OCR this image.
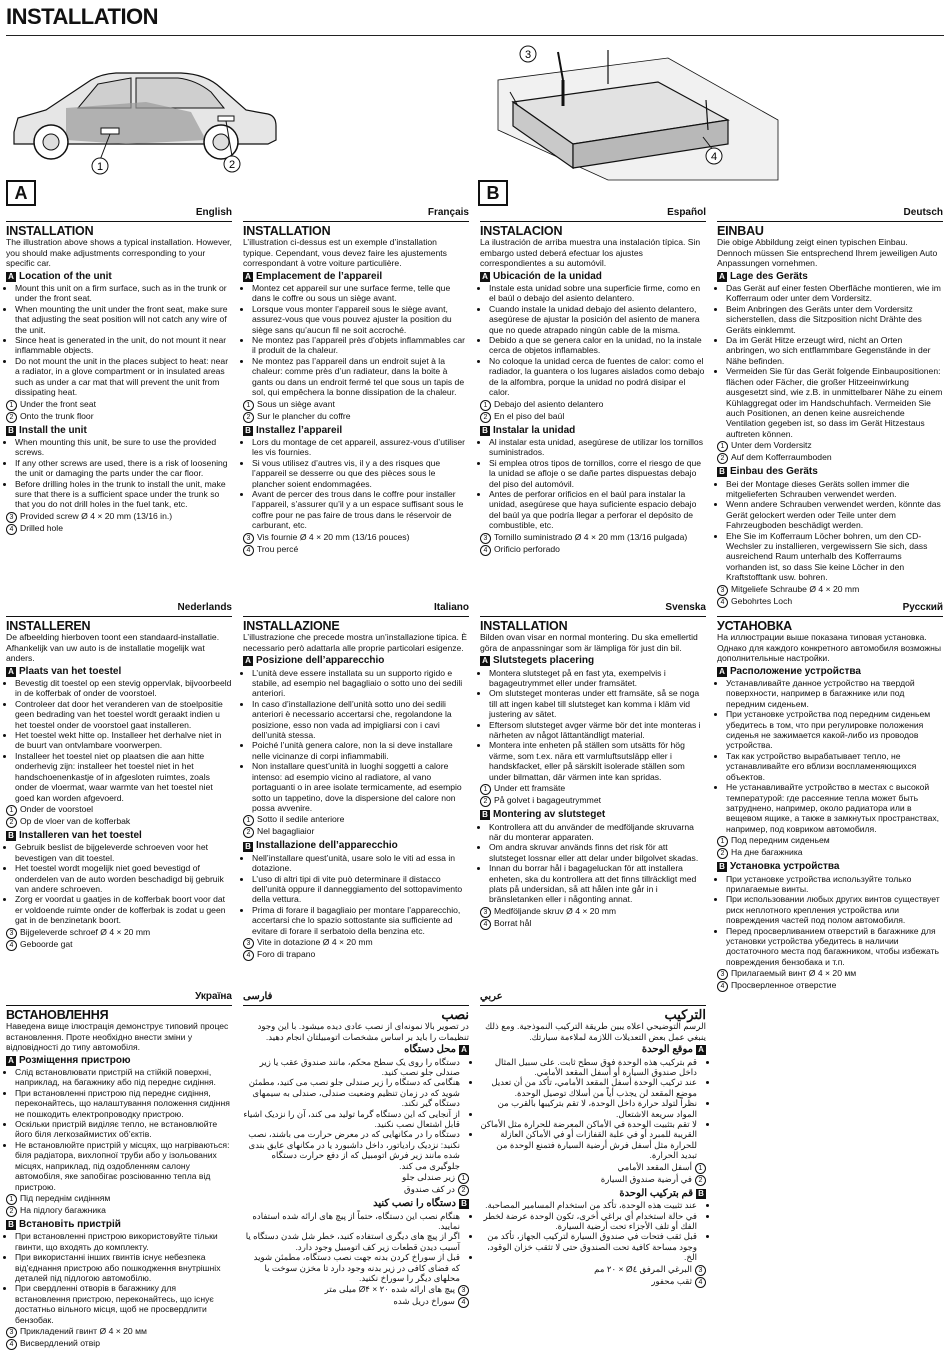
INSTALLATION
1	2
A
3
4
B
English
INSTALLATION

The illustration above shows a typical installation. However, you should make adjustments corresponding to your specific car.

A Location of the unit
• Mount this unit on a firm surface, such as in the trunk or under the front seat.
• When mounting the unit under the front seat, make sure that adjusting the seat position will not catch any wire of the unit.
• Since heat is generated in the unit, do not mount it near inflammable objects.
• Do not mount the unit in the places subject to heat: near a radiator, in a glove compartment or in insulated areas such as under a car mat that will prevent the unit from dissipating heat.
1 Under the front seat
2 Onto the trunk floor
B Install the unit
• When mounting this unit, be sure to use the provided screws.
• If any other screws are used, there is a risk of loosening the unit or damaging the parts under the car floor.
• Before drilling holes in the trunk to install the unit, make sure that there is a sufficient space under the trunk so that you do not drill holes in the fuel tank, etc.
3 Provided screw Ø 4 × 20 mm (13/16 in.)
4 Drilled hole
Français
INSTALLATION

L’illustration ci-dessus est un exemple d’installation typique. Cependant, vous devez faire les ajustements correspondant à votre voiture particulière.

A Emplacement de l’appareil
• Montez cet appareil sur une surface ferme, telle que dans le coffre ou sous un siège avant.
• Lorsque vous monter l’appareil sous le siège avant, assurez-vous que vous pouvez ajuster la position du siège sans qu’aucun fil ne soit accroché.
• Ne montez pas l’appareil près d’objets inflammables car il produit de la chaleur.
• Ne montez pas l’appareil dans un endroit sujet à la chaleur: comme près d’un radiateur, dans la boite à gants ou dans un endroit fermé tel que sous un tapis de sol, qui empêchera la bonne dissipation de la chaleur.
1 Sous un siège avant
2 Sur le plancher du coffre
B Installez l’appareil
• Lors du montage de cet appareil, assurez-vous d’utiliser les vis fournies.
• Si vous utilisez d’autres vis, il y a des risques que l’appareil se desserre ou que des pièces sous le plancher soient endommagées.
• Avant de percer des trous dans le coffre pour installer l’appareil, s’assurer qu’il y a un espace suffisant sous le coffre pour ne pas faire de trous dans le réservoir de carburant, etc.
3 Vis fournie Ø 4 × 20 mm (13/16 pouces)
4 Trou percé
Español
INSTALACION

La ilustración de arriba muestra una instalación típica. Sin embargo usted deberá efectuar los ajustes correspondientes a su automóvil.

A Ubicación de la unidad
• Instale esta unidad sobre una superficie firme, como en el baúl o debajo del asiento delantero.
• Cuando instale la unidad debajo del asiento delantero, asegúrese de ajustar la posición del asiento de manera que no quede atrapado ningún cable de la misma.
• Debido a que se genera calor en la unidad, no la instale cerca de objetos inflamables.
• No coloque la unidad cerca de fuentes de calor: como el radiador, la guantera o los lugares aislados como debajo de la alfombra, porque la unidad no podrá disipar el calor.
1 Debajo del asiento delantero
2 En el piso del baúl
B Instalar la unidad
• Al instalar esta unidad, asegúrese de utilizar los tornillos suministrados.
• Si emplea otros tipos de tornillos, corre el riesgo de que la unidad se afloje o se dañe partes dispuestas debajo del piso del automóvil.
• Antes de perforar orificios en el baúl para instalar la unidad, asegúrese que haya suficiente espacio debajo del baúl ya que podría llegar a perforar el depósito de combustible, etc.
3 Tornillo suministrado Ø 4 × 20 mm (13/16 pulgada)
4 Orificio perforado
Deutsch
EINBAU

Die obige Abbildung zeigt einen typischen Einbau. Dennoch müssen Sie entsprechend Ihrem jeweiligen Auto Anpassungen vornehmen.

A Lage des Geräts
• Das Gerät auf einer festen Oberfläche montieren, wie im Kofferraum oder unter dem Vordersitz.
• Beim Anbringen des Geräts unter dem Vordersitz sicherstellen, dass die Sitzposition nicht Drähte des Geräts einklemmt.
• Da im Gerät Hitze erzeugt wird, nicht an Orten anbringen, wo sich entflammbare Gegenstände in der Nähe befinden.
• Vermeiden Sie für das Gerät folgende Einbaupositionen: flächen oder Fächer, die großer Hitzeeinwirkung ausgesetzt sind, wie z.B. in unmittelbarer Nähe zu einem Kühlaggregat oder im Handschuhfach. Vermeiden Sie auch Positionen, an denen keine ausreichende Ventilation gegeben ist, so dass im Gerät Hitzestaus auftreten können.
1 Unter dem Vordersitz
2 Auf dem Kofferraumboden
B Einbau des Geräts
• Bei der Montage dieses Geräts sollen immer die mitgelieferten Schrauben verwendet werden.
• Wenn andere Schrauben verwendet werden, könnte das Gerät gelockert werden oder Teile unter dem Fahrzeugboden beschädigt werden.
• Ehe Sie im Kofferraum Löcher bohren, um den CD-Wechsler zu installieren, vergewissern Sie sich, dass ausreichend Raum unterhalb des Kofferraums vorhanden ist, so dass Sie keine Löcher in den Kraftstofftank usw. bohren.
3 Mitgeliefe Schraube Ø 4 × 20 mm
4 Gebohrtes Loch
Nederlands
INSTALLEREN

De afbeelding hierboven toont een standaard-installatie. Afhankelijk van uw auto is de installatie mogelijk wat anders.

A Plaats van het toestel
• Bevestig dit toestel op een stevig oppervlak, bijvoorbeeld in de kofferbak of onder de voorstoel.
• Controleer dat door het veranderen van de stoelpositie geen bedrading van het toestel wordt geraakt indien u het toestel onder de voorstoel gaat installeren.
• Het toestel wekt hitte op. Installeer het derhalve niet in de buurt van ontvlambare voorwerpen.
• Installeer het toestel niet op plaatsen die aan hitte onderhevig zijn: installeer het toestel niet in het handschoenenkastje of in afgesloten ruimtes, zoals onder de vloermat, waar warmte van het toestel niet goed kan worden afgevoerd.
1 Onder de voorstoel
2 Op de vloer van de kofferbak
B Installeren van het toestel
• Gebruik beslist de bijgeleverde schroeven voor het bevestigen van dit toestel.
• Het toestel wordt mogelijk niet goed bevestigd of onderdelen van de auto worden beschadigd bij gebruik van andere schroeven.
• Zorg er voordat u gaatjes in de kofferbak boort voor dat er voldoende ruimte onder de kofferbak is zodat u geen gat in de benzinetank boort.
3 Bijgeleverde schroef Ø 4 × 20 mm
4 Geboorde gat
Italiano
INSTALLAZIONE

L’illustrazione che precede mostra un’installazione tipica. È necessario però adattarla alle proprie particolari esigenze.

A Posizione dell’apparecchio
• L’unità deve essere installata su un supporto rigido e stabile, ad esempio nel bagagliaio o sotto uno dei sedili anteriori.
• In caso d’installazione dell’unità sotto uno dei sedili anteriori è necessario accertarsi che, regolandone la posizione, esso non vada ad impigliarsi con i cavi dell’unità stessa.
• Poiché l’unità genera calore, non la si deve installare nelle vicinanze di corpi infiammabili.
• Non installare quest’unità in luoghi soggetti a calore intenso: ad esempio vicino al radiatore, al vano portaguanti o in aree isolate termicamente, ad esempio sotto un tappetino, dove la dispersione del calore non possa avvenire.
1 Sotto il sedile anteriore
2 Nel bagagliaior
B Installazione dell’apparecchio
• Nell’installare quest’unità, usare solo le viti ad essa in dotazione.
• L’uso di altri tipi di vite può determinare il distacco dell’unità oppure il danneggiamento del sottopavimento della vettura.
• Prima di forare il bagagliaio per montare l’apparecchio, accertarsi che lo spazio sottostante sia sufficiente ad evitare di forare il serbatoio della benzina etc.
3 Vite in dotazione Ø 4 × 20 mm
4 Foro di trapano
Svenska
INSTALLATION

Bilden ovan visar en normal montering. Du ska emellertid göra de anpassningar som är lämpliga för just din bil.

A Slutstegets placering
• Montera slutsteget på en fast yta, exempelvis i bagageutrymmet eller under framsätet.
• Om slutsteget monteras under ett framsäte, så se noga till att ingen kabel till slutsteget kan komma i kläm vid justering av sätet.
• Eftersom slutsteget avger värme bör det inte monteras i närheten av något lättantändligt material.
• Montera inte enheten på ställen som utsätts för hög värme, som t.ex. nära ett varmluftsutsläpp eller i handskfacket, eller på särskilt isolerade ställen som under bilmattan, där värmen inte kan spridas.
1 Under ett framsäte
2 På golvet i bagageutrymmet
B Montering av slutsteget
• Kontrollera att du använder de medföljande skruvarna när du monterar apparaten.
• Om andra skruvar används finns det risk för att slutsteget lossnar eller att delar under bilgolvet skadas.
• Innan du borrar hål i bagageluckan för att installera enheten, ska du kontrollera att det finns tillräckligt med plats på undersidan, så att hålen inte går in i bränsletanken eller i någonting annat.
3 Medföljande skruv Ø 4 × 20 mm
4 Borrat hål
Русский
УСТАНОВКА

На иллюстрации выше показана типовая установка. Однако для каждого конкретного автомобиля возможны дополнительные настройки.

A Расположение устройства
• Устанавливайте данное устройство на твердой поверхности, например в багажнике или под передним сиденьем.
• При установке устройства под передним сиденьем убедитесь в том, что при регулировке положения сиденья не зажимается какой-либо из проводов устройства.
• Так как устройство вырабатывает тепло, не устанавливайте его вблизи воспламеняющихся объектов.
• Не устанавливайте устройство в местах с высокой температурой: где рассеяние тепла может быть затруднено, например, около радиатора или в вещевом ящике, а также в замкнутых пространствах, например, под ковриком автомобиля.
1 Под передним сиденьем
2 На дне багажника
B Установка устройства
• При установке устройства используйте только прилагаемые винты.
• При использовании любых других винтов существует риск неплотного крепления устройства или повреждения частей под полом автомобиля.
• Перед просверливанием отверстий в багажнике для установки устройства убедитесь в наличии достаточного места под багажником, чтобы избежать повреждения бензобака и т.п.
3 Прилагаемый винт Ø 4 × 20 мм
4 Просверленное отверстие
Україна
ВСТАНОВЛЕННЯ

Наведена вище ілюстрація демонструє типовий процес встановлення. Проте необхідно внести зміни у відповідності до типу автомобіля.

A Розміщення пристрою
• Слід встановлювати пристрій на стійкій поверхні, наприклад, на багажнику або під переднє сидіння.
• При встановленні пристрою під переднє сидіння, переконайтесь, що налаштування положення сидіння не пошкодить електропроводку пристрою.
• Оскільки пристрій виділяє тепло, не встановлюйте його біля легкозаймистих об’єктів.
• Не встановлюйте пристрій у місцях, що нагріваються: біля радіатора, вихлопної труби або у ізольованих місцях, наприклад, під оздобленням салону автомобіля, яке запобігає розсіюванню тепла від пристрою.
1 Під переднім сидінням
2 На підлогу багажника
B Встановіть пристрій
• При встановленні пристрою використовуйте тільки гвинти, що входять до комплекту.
• При використанні інших гвинтів існує небезпека від’єднання пристрою або пошкодження внутрішніх деталей під підлогою автомобілю.
• При свердленні отворів в багажнику для встановлення пристрою, переконайтесь, що існує достатньо вільного місця, щоб не просвердлити бензобак.
3 Прикладений гвинт Ø 4 × 20 мм
4 Висвердлений отвір
فارسی
نصب

در تصویر بالا نمونه‌ای از نصب عادی دیده میشود. با این وجود تنظیمات را باید بر اساس مشخصات اتومبیلتان انجام دهید.

A
محل دستگاه
• دستگاه را روی یک سطح محکم، مانند صندوق عقب یا زیر صندلی جلو نصب کنید.
• هنگامی که دستگاه را زیر صندلی جلو نصب می کنید، مطمئن شوید که در زمان تنظیم وضعیت صندلی، صندلی به سیمهای دستگاه گیر نکند.
• از آنجایی که این دستگاه گرما تولید می کند، آن را نزدیک اشیاء قابل اشتعال نصب نکنید.
• دستگاه را در مکانهایی که در معرض حرارت می باشند، نصب نکنید: نزدیک رادیاتور، داخل داشبورد یا در مکانهای عایق بندی شده مانند زیر فرش اتومبیل که از دفع حرارت دستگاه جلوگیری می کند.
1
زیر صندلی جلو
2
در کف صندوق
B
دستگاه را نصب کنید
• هنگام نصب این دستگاه، حتماً از پیچ های ارائه شده استفاده نمایید.
• اگر از پیچ های دیگری استفاده کنید، خطر شل شدن دستگاه یا آسیب دیدن قطعات زیر کف اتومبیل وجود دارد.
• قبل از سوراخ کردن بدنه جهت نصب دستگاه، مطمئن شوید که فضای کافی در زیر بدنه وجود دارد تا مخزن سوخت یا محلهای دیگر را سوراخ نکنید.
3
پیچ های ارائه شده Ø۴ × ۲۰ میلی متر
4
سوراخ دریل شده
عربي
التركيب

الرسم التوضيحي اعلاه يبين طريقة التركيب النموذجية. ومع ذلك ينبغي عمل بعض التعديلات اللازمة لملاءمة سيارتك.

A
موقع الوحدة
• قم بتركيب هذه الوحدة فوق سطح ثابت. على سبيل المثال داخل صندوق السيارة أو أسفل المقعد الأمامي.
• عند تركيب الوحدة أسفل المقعد الأمامي، تأكد من أن تعديل موضع المقعد لن يجذب أياً من أسلاك توصيل الوحدة.
• نظراً لتولد حرارة داخل الوحدة، لا تقم بتركيبها بالقرب من المواد سريعة الاشتعال.
• لا تقم بتثبيت الوحدة في الأماكن المعرضة للحرارة مثل الأماكن القريبة للمبرد أو في علبة القفازات أو في الأماكن العازلة للحرارة مثل أسفل فرش أرضية السيارة فتمنع الوحدة من تبديد الحرارة.
1
أسفل المقعد الأمامي
2
في أرضية صندوق السيارة
B
قم بتركيب الوحدة
• عند تثبيت هذه الوحدة، تأكد من استخدام المسامير المصاحبة.
• في حالة استخدام أي براغي أخرى، تكون الوحدة عرضة لخطر الفك أو تلف الأجزاء تحت أرضية السيارة.
• قبل ثقب فتحات في صندوق السيارة لتركيب الجهاز، تأكد من وجود مساحة كافية تحت الصندوق حتى لا تثقب خزان الوقود، الخ.
3
البرغي المرفق Ø٤ × ٢٠ مم
4
ثقب محفور
